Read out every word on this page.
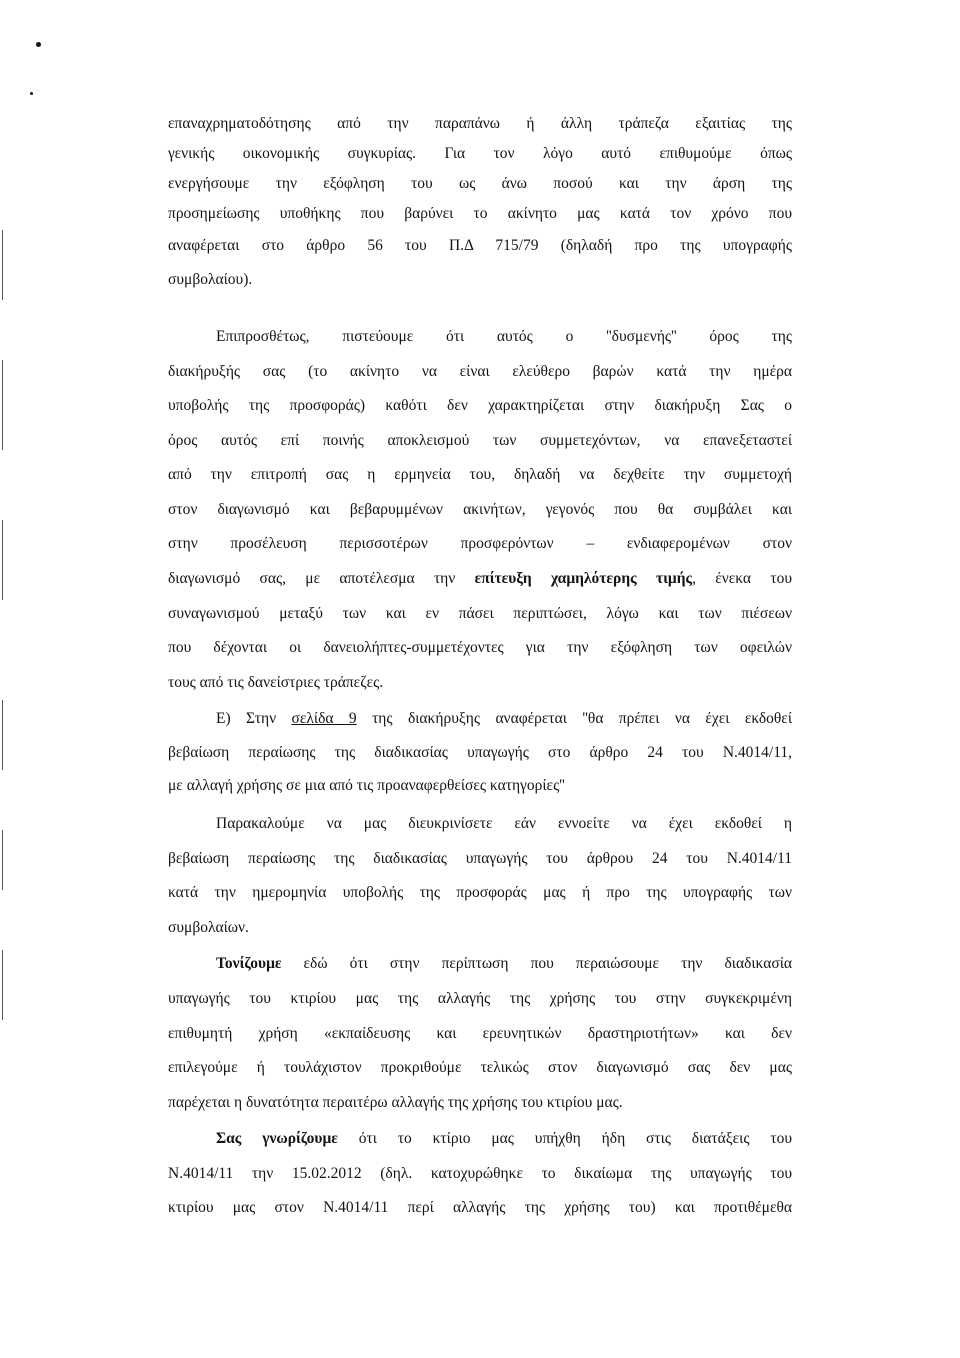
επαναχρηματοδότησης από την παραπάνω ή άλλη τράπεζα εξαιτίας της
γενικής οικονομικής συγκυρίας. Για τον λόγο αυτό επιθυμούμε όπως
ενεργήσουμε την εξόφληση του ως άνω ποσού και την άρση της
προσημείωσης υποθήκης που βαρύνει το ακίνητο μας κατά τον χρόνο που
αναφέρεται στο άρθρο 56 του Π.Δ 715/79 (δηλαδή προ της υπογραφής
συμβολαίου).
Επιπροσθέτως, πιστεύουμε ότι αυτός ο ''δυσμενής'' όρος της
διακήρυξής σας (το ακίνητο να είναι ελεύθερο βαρών κατά την ημέρα
υποβολής της προσφοράς) καθότι δεν χαρακτηρίζεται στην διακήρυξη Σας ο
όρος αυτός επί ποινής αποκλεισμού των συμμετεχόντων, να επανεξεταστεί
από την επιτροπή σας η ερμηνεία του, δηλαδή να δεχθείτε την συμμετοχή
στον διαγωνισμό και βεβαρυμμένων ακινήτων, γεγονός που θα συμβάλει και
στην προσέλευση περισσοτέρων προσφερόντων – ενδιαφερομένων στον
διαγωνισμό σας, με αποτέλεσμα την επίτευξη χαμηλότερης τιμής, ένεκα του
συναγωνισμού μεταξύ των και εν πάσει περιπτώσει, λόγω και των πιέσεων
που δέχονται οι δανειολήπτες-συμμετέχοντες για την εξόφληση των οφειλών
τους από τις δανείστριες τράπεζες.
Ε) Στην σελίδα 9 της διακήρυξης αναφέρεται ''θα πρέπει να έχει εκδοθεί
βεβαίωση περαίωσης της διαδικασίας υπαγωγής στο άρθρο 24 του Ν.4014/11,
με αλλαγή χρήσης σε μια από τις προαναφερθείσες κατηγορίες''
Παρακαλούμε να μας διευκρινίσετε εάν εννοείτε να έχει εκδοθεί η
βεβαίωση περαίωσης της διαδικασίας υπαγωγής του άρθρου 24 του Ν.4014/11
κατά την ημερομηνία υποβολής της προσφοράς μας ή προ της υπογραφής των
συμβολαίων.
Τονίζουμε εδώ ότι στην περίπτωση που περαιώσουμε την διαδικασία
υπαγωγής του κτιρίου μας της αλλαγής της χρήσης του στην συγκεκριμένη
επιθυμητή χρήση «εκπαίδευσης και ερευνητικών δραστηριοτήτων» και δεν
επιλεγούμε ή τουλάχιστον προκριθούμε τελικώς στον διαγωνισμό σας δεν μας
παρέχεται η δυνατότητα περαιτέρω αλλαγής της χρήσης του κτιρίου μας.
Σας γνωρίζουμε ότι το κτίριο μας υπήχθη ήδη στις διατάξεις του
Ν.4014/11 την 15.02.2012 (δηλ. κατοχυρώθηκε το δικαίωμα της υπαγωγής του
κτιρίου μας στον Ν.4014/11 περί αλλαγής της χρήσης του) και προτιθέμεθα
